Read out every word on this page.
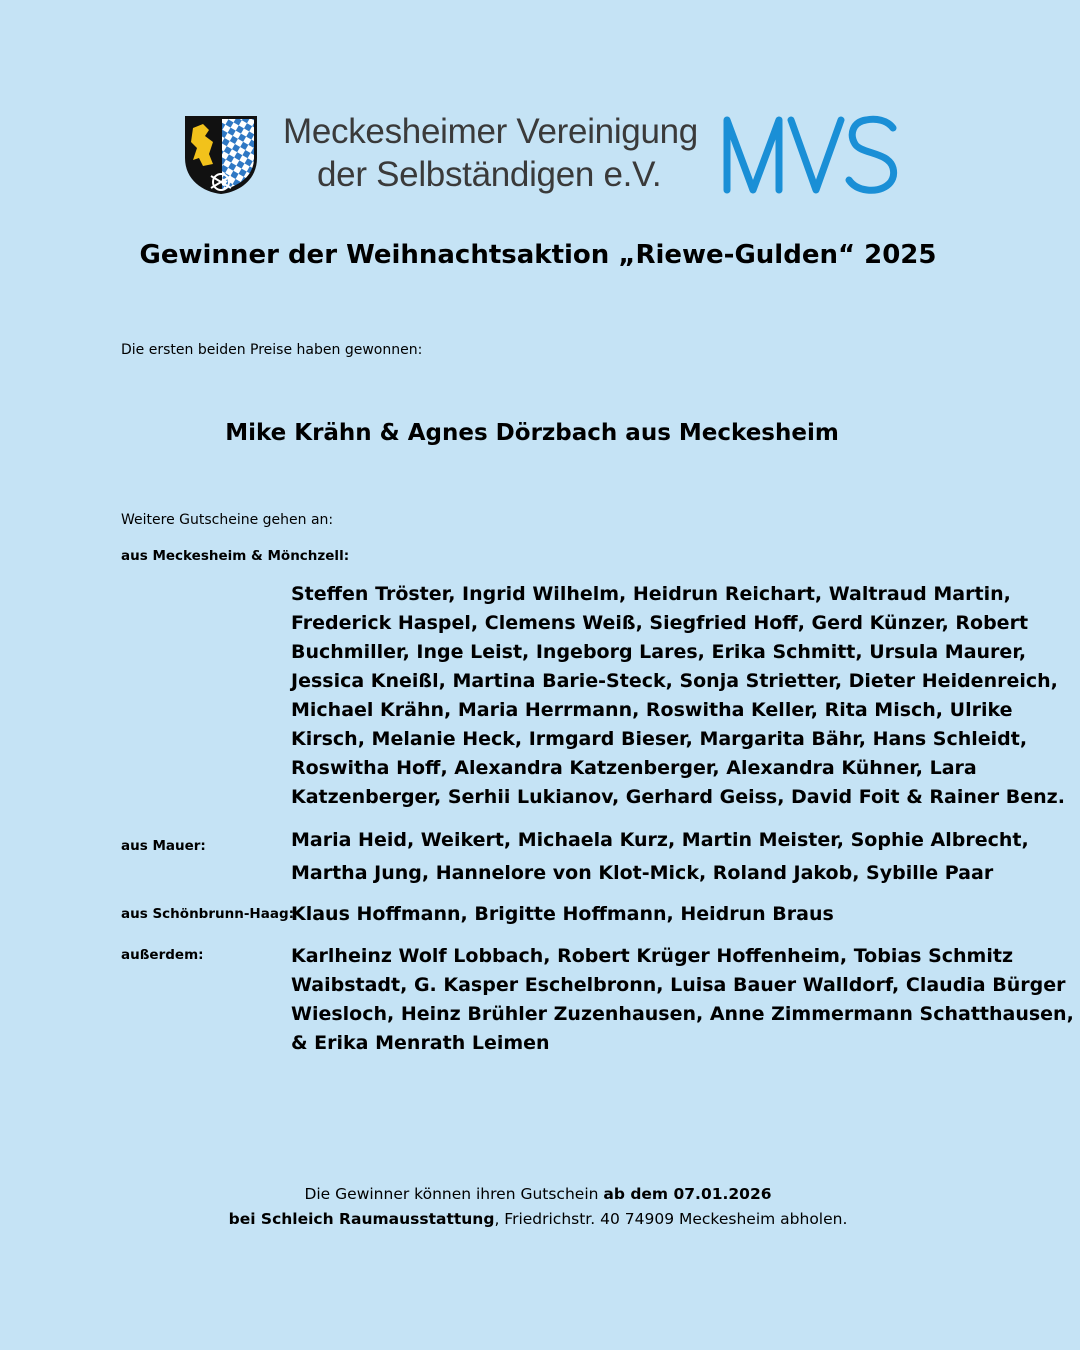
Meckesheimer Vereinigung
der Selbständigen e.V.
MVS
Gewinner der Weihnachtsaktion „Riewe-Gulden“ 2025
Die ersten beiden Preise haben gewonnen:
Mike Krähn & Agnes Dörzbach aus Meckesheim
Weitere Gutscheine gehen an:
aus Meckesheim & Mönchzell:
Steffen Tröster, Ingrid Wilhelm, Heidrun Reichart, Waltraud Martin,
Frederick Haspel, Clemens Weiß, Siegfried Hoff, Gerd Künzer, Robert
Buchmiller, Inge Leist, Ingeborg Lares, Erika Schmitt, Ursula Maurer,
Jessica Kneißl, Martina Barie-Steck, Sonja Strietter, Dieter Heidenreich,
Michael Krähn, Maria Herrmann, Roswitha Keller, Rita Misch, Ulrike
Kirsch, Melanie Heck, Irmgard Bieser, Margarita Bähr, Hans Schleidt,
Roswitha Hoff, Alexandra Katzenberger, Alexandra Kühner, Lara
Katzenberger, Serhii Lukianov, Gerhard Geiss, David Foit & Rainer Benz.
aus Mauer:	Maria Heid, Weikert, Michaela Kurz, Martin Meister, Sophie Albrecht,
Martha Jung, Hannelore von Klot-Mick, Roland Jakob, Sybille Paar
aus Schönbrunn-Haag:
Klaus Hoffmann, Brigitte Hoffmann, Heidrun Braus
außerdem:	Karlheinz Wolf Lobbach, Robert Krüger Hoffenheim, Tobias Schmitz
Waibstadt, G. Kasper Eschelbronn, Luisa Bauer Walldorf, Claudia Bürger
Wiesloch, Heinz Brühler Zuzenhausen, Anne Zimmermann Schatthausen,
& Erika Menrath Leimen
Die Gewinner können ihren Gutschein ab dem 07.01.2026
bei Schleich Raumausstattung, Friedrichstr. 40 74909 Meckesheim abholen.
